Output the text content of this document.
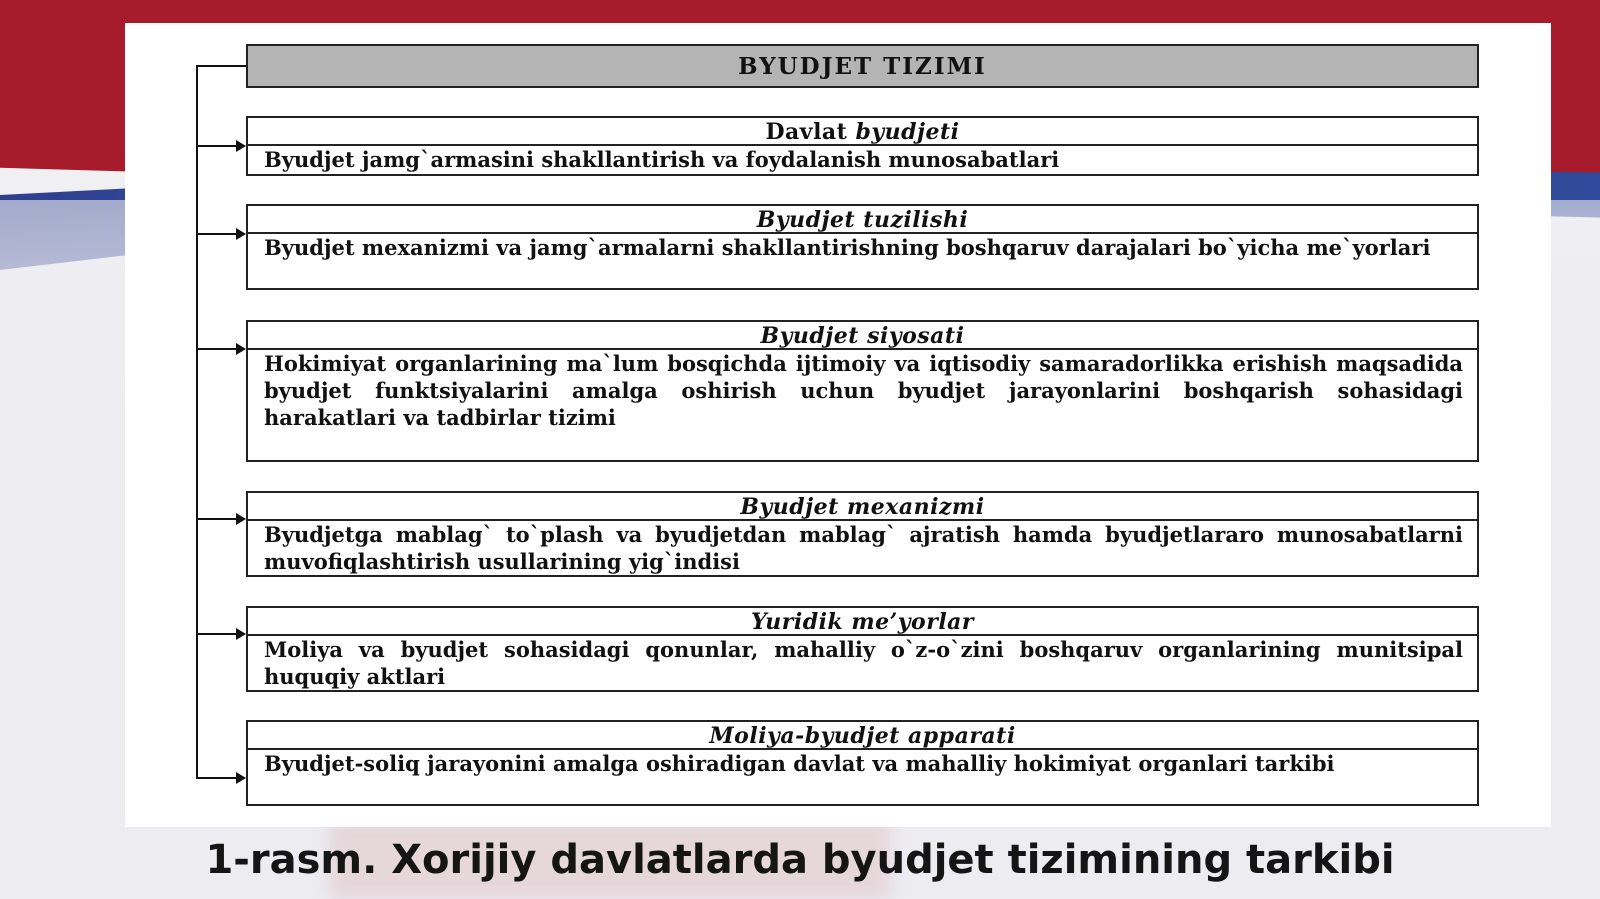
BYUDJET TIZIMI
Davlat byudjeti
Byudjet jamg`armasini shakllantirish va foydalanish munosabatlari
Byudjet tuzilishi
Byudjet mexanizmi va jamg`armalarni shakllantirishning boshqaruv darajalari bo`yicha me`yorlari
Byudjet siyosati
Hokimiyat organlarining ma`lum bosqichda ijtimoiy va iqtisodiy samaradorlikka erishish maqsadida byudjet funktsiyalarini amalga oshirish uchun byudjet jarayonlarini boshqarish sohasidagi harakatlari va tadbirlar tizimi
Byudjet mexanizmi
Byudjetga mablag` to`plash va byudjetdan mablag` ajratish hamda byudjetlararo munosabatlarni muvofiqlashtirish usullarining yig`indisi
Yuridik me’yorlar
Moliya va byudjet sohasidagi qonunlar, mahalliy o`z-o`zini boshqaruv organlarining munitsipal huquqiy aktlari
Moliya-byudjet apparati
Byudjet-soliq jarayonini amalga oshiradigan davlat va mahalliy hokimiyat organlari tarkibi
1-rasm. Xorijiy davlatlarda byudjet tizimining tarkibi
